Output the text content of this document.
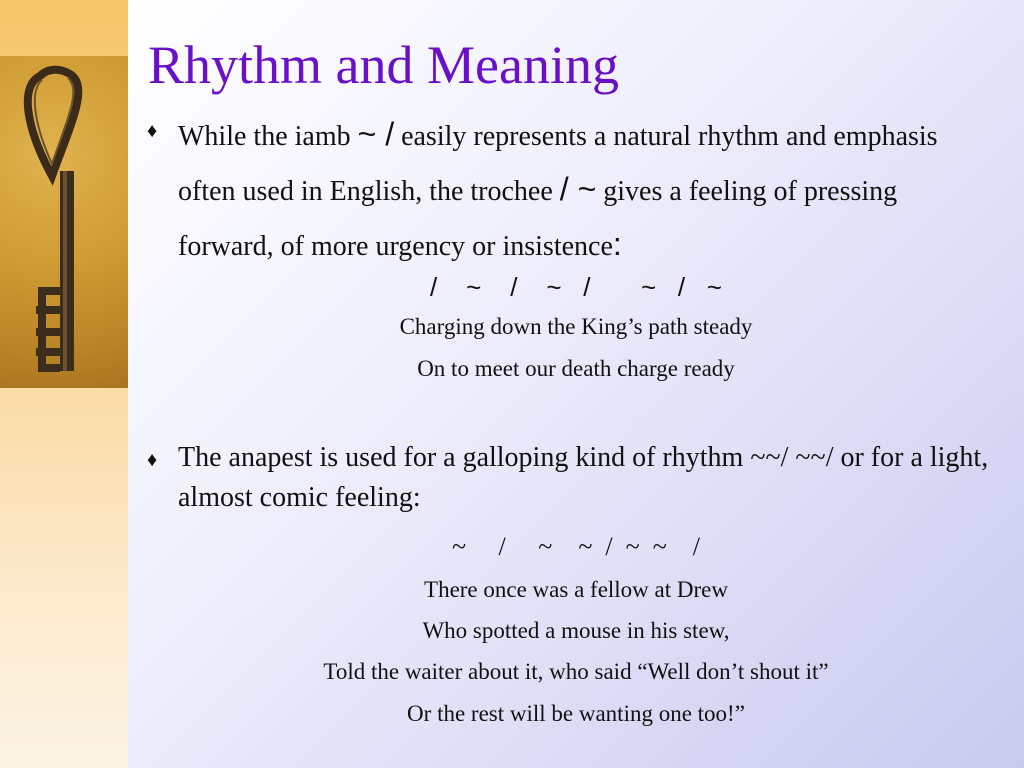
Rhythm and Meaning
♦ While the iamb ~ / easily represents a natural rhythm and emphasis often used in English, the trochee / ~ gives a feeling of pressing forward, of more urgency or insistence:
/    ~    /    ~   /       ~   /   ~
Charging down the King’s path steady
On to meet our death charge ready
♦ The anapest is used for a galloping kind of rhythm ~~/ ~~/ or for a light, almost comic feeling:
~     /     ~    ~  /  ~  ~    /
There once was a fellow at Drew
Who spotted a mouse in his stew,
Told the waiter about it, who said “Well don’t shout it”
Or the rest will be wanting one too!”
